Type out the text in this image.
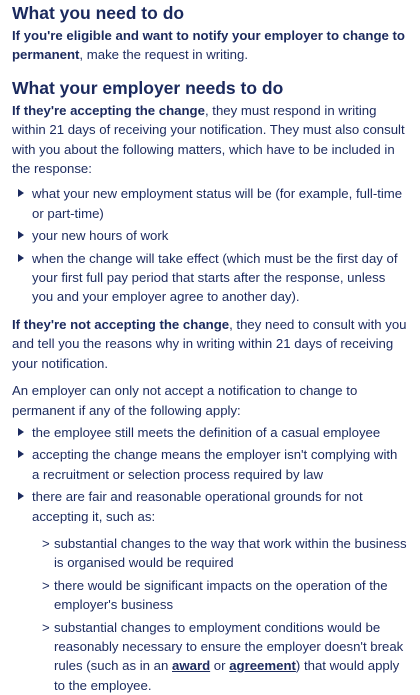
What you need to do

If you're eligible and want to notify your employer to change to permanent, make the request in writing.

What your employer needs to do

If they're accepting the change, they must respond in writing within 21 days of receiving your notification. They must also consult with you about the following matters, which have to be included in the response:

what your new employment status will be (for example, full-time or part-time)
your new hours of work
when the change will take effect (which must be the first day of your first full pay period that starts after the response, unless you and your employer agree to another day).

If they're not accepting the change, they need to consult with you and tell you the reasons why in writing within 21 days of receiving your notification.

An employer can only not accept a notification to change to permanent if any of the following apply:

the employee still meets the definition of a casual employee
accepting the change means the employer isn't complying with a recruitment or selection process required by law
there are fair and reasonable operational grounds for not accepting it, such as:
> substantial changes to the way that work within the business is organised would be required
> there would be significant impacts on the operation of the employer's business
> substantial changes to employment conditions would be reasonably necessary to ensure the employer doesn't break rules (such as in an award or agreement) that would apply to the employee.
